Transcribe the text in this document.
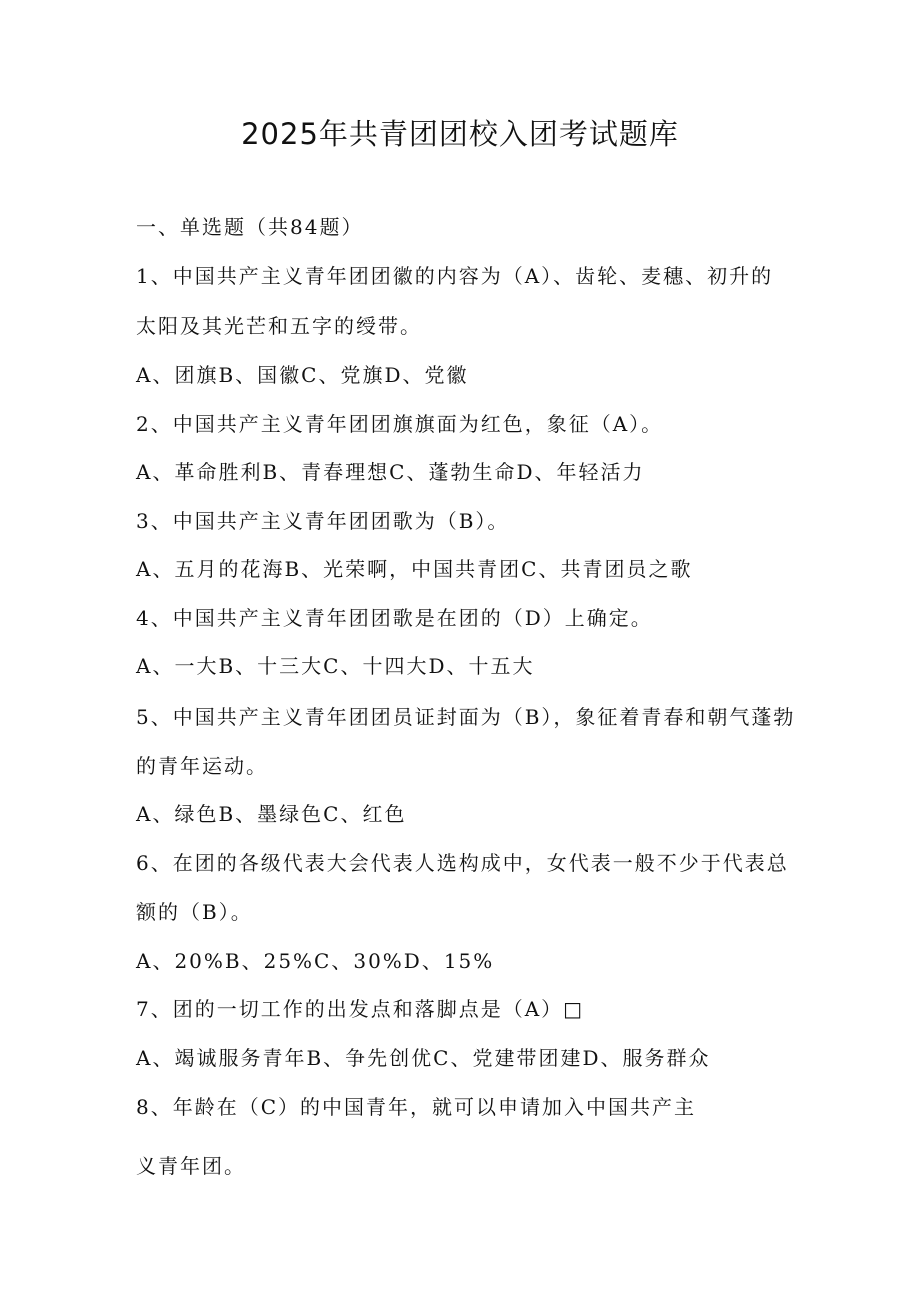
2025年共青团团校入团考试题库
一、单选题（共84题）
1、中国共产主义青年团团徽的内容为（A）、齿轮、麦穗、初升的
太阳及其光芒和五字的绶带。
A、团旗B、国徽C、党旗D、党徽
2、中国共产主义青年团团旗旗面为红色，象征（A）。
A、革命胜利B、青春理想C、蓬勃生命D、年轻活力
3、中国共产主义青年团团歌为（B）。
A、五月的花海B、光荣啊，中国共青团C、共青团员之歌
4、中国共产主义青年团团歌是在团的（D）上确定。
A、一大B、十三大C、十四大D、十五大
5、中国共产主义青年团团员证封面为（B），象征着青春和朝气蓬勃
的青年运动。
A、绿色B、墨绿色C、红色
6、在团的各级代表大会代表人选构成中，女代表一般不少于代表总
额的（B）。
A、20%B、25%C、30%D、15%
7、团的一切工作的出发点和落脚点是（A）□
A、竭诚服务青年B、争先创优C、党建带团建D、服务群众
8、年龄在（C）的中国青年，就可以申请加入中国共产主
义青年团。
